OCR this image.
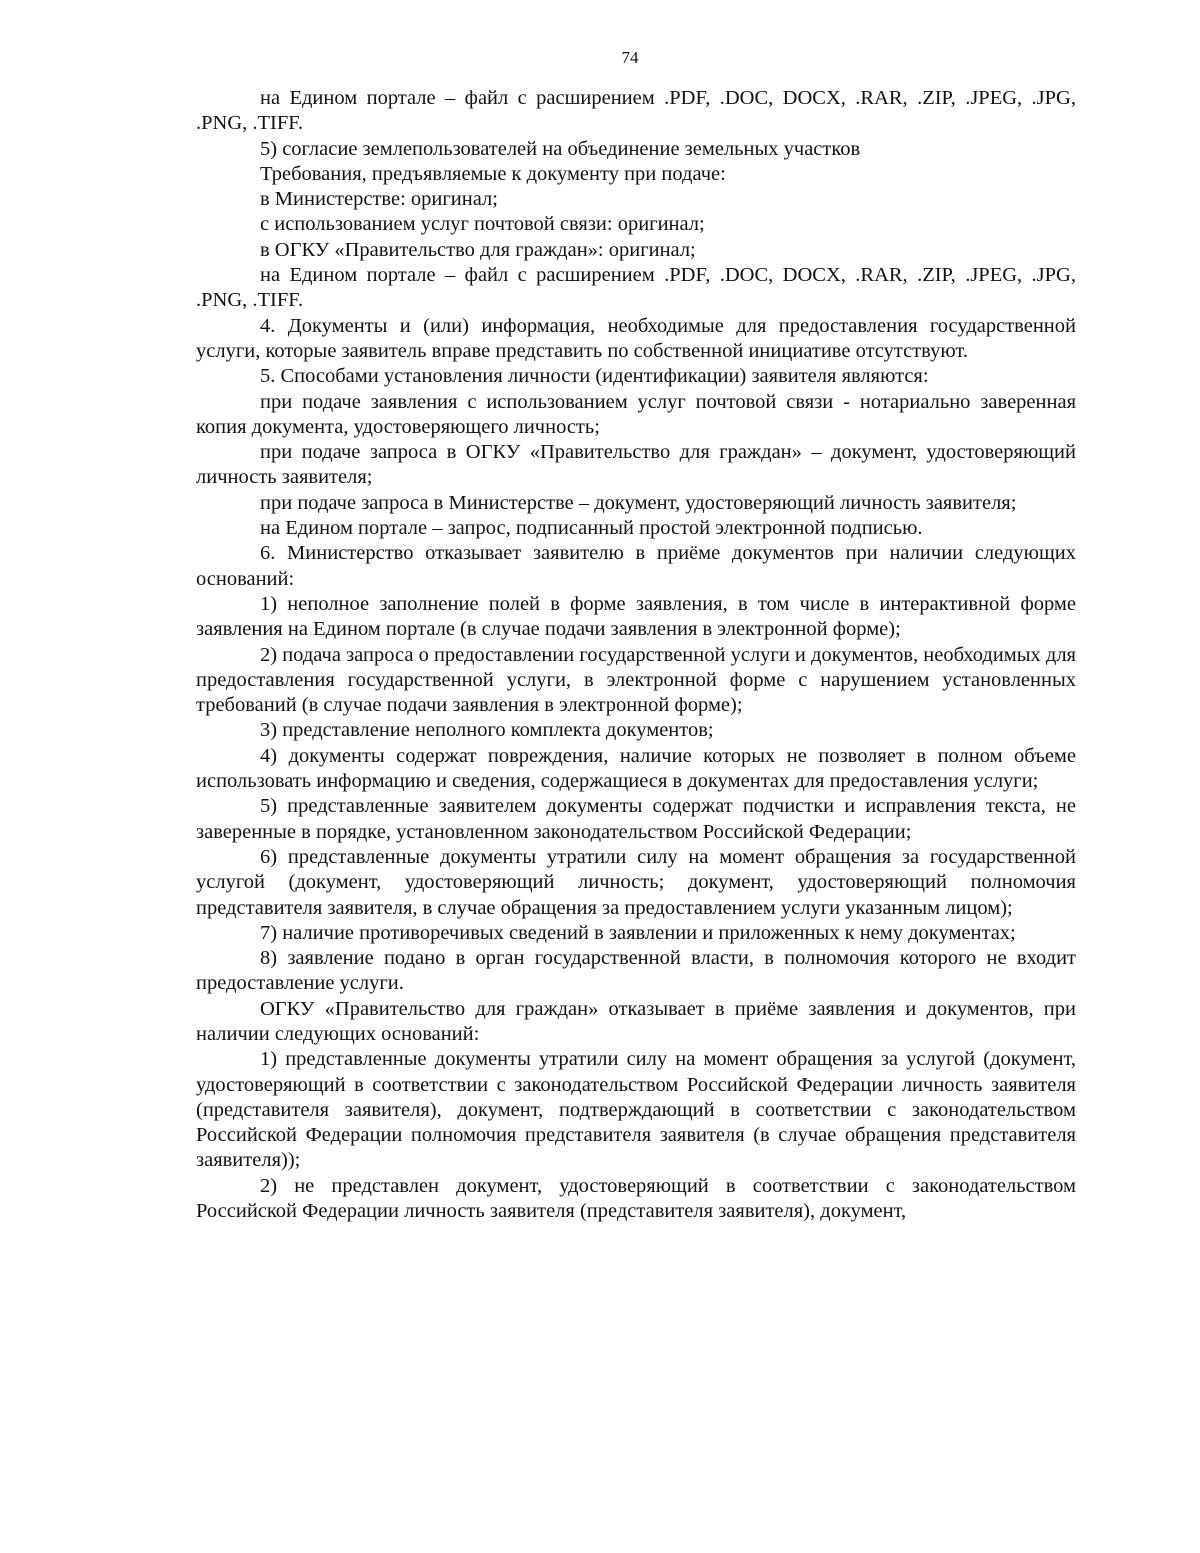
74

на Едином портале – файл с расширением .PDF, .DOC, DOCX, .RAR, .ZIP, .JPEG, .JPG, .PNG, .TIFF.

5) согласие землепользователей на объединение земельных участков

Требования, предъявляемые к документу при подаче:

в Министерстве: оригинал;

с использованием услуг почтовой связи: оригинал;

в ОГКУ «Правительство для граждан»: оригинал;

на Едином портале – файл с расширением .PDF, .DOC, DOCX, .RAR, .ZIP, .JPEG, .JPG, .PNG, .TIFF.

4. Документы и (или) информация, необходимые для предоставления государственной услуги, которые заявитель вправе представить по собственной инициативе отсутствуют.

5. Способами установления личности (идентификации) заявителя являются:

при подаче заявления с использованием услуг почтовой связи - нотариально заверенная копия документа, удостоверяющего личность;

при подаче запроса в ОГКУ «Правительство для граждан» – документ, удостоверяющий личность заявителя;

при подаче запроса в Министерстве – документ, удостоверяющий личность заявителя;

на Едином портале – запрос, подписанный простой электронной подписью.

6. Министерство отказывает заявителю в приёме документов при наличии следующих оснований:

1) неполное заполнение полей в форме заявления, в том числе в интерактивной форме заявления на Едином портале (в случае подачи заявления в электронной форме);

2) подача запроса о предоставлении государственной услуги и документов, необходимых для предоставления государственной услуги, в электронной форме с нарушением установленных требований (в случае подачи заявления в электронной форме);

3) представление неполного комплекта документов;

4) документы содержат повреждения, наличие которых не позволяет в полном объеме использовать информацию и сведения, содержащиеся в документах для предоставления услуги;

5) представленные заявителем документы содержат подчистки и исправления текста, не заверенные в порядке, установленном законодательством Российской Федерации;

6) представленные документы утратили силу на момент обращения за государственной услугой (документ, удостоверяющий личность; документ, удостоверяющий полномочия представителя заявителя, в случае обращения за предоставлением услуги указанным лицом);

7) наличие противоречивых сведений в заявлении и приложенных к нему документах;

8) заявление подано в орган государственной власти, в полномочия которого не входит предоставление услуги.

ОГКУ «Правительство для граждан» отказывает в приёме заявления и документов, при наличии следующих оснований:

1) представленные документы утратили силу на момент обращения за услугой (документ, удостоверяющий в соответствии с законодательством Российской Федерации личность заявителя (представителя заявителя), документ, подтверждающий в соответствии с законодательством Российской Федерации полномочия представителя заявителя (в случае обращения представителя заявителя));

2) не представлен документ, удостоверяющий в соответствии с законодательством Российской Федерации личность заявителя (представителя заявителя), документ,
